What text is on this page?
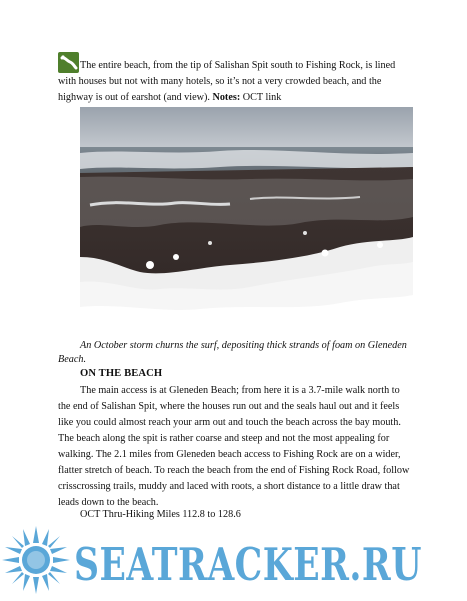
The entire beach, from the tip of Salishan Spit south to Fishing Rock, is lined with houses but not with many hotels, so it’s not a very crowded beach, and the highway is out of earshot (and view). Notes: OCT link
An October storm churns the surf, depositing thick strands of foam on Gleneden Beach.
ON THE BEACH
The main access is at Gleneden Beach; from here it is a 3.7-mile walk north to the end of Salishan Spit, where the houses run out and the seals haul out and it feels like you could almost reach your arm out and touch the beach across the bay mouth. The beach along the spit is rather coarse and steep and not the most appealing for walking. The 2.1 miles from Gleneden beach access to Fishing Rock are on a wider, flatter stretch of beach. To reach the beach from the end of Fishing Rock Road, follow crisscrossing trails, muddy and laced with roots, a short distance to a little draw that leads down to the beach.
OCT Thru-Hiking Miles 112.8 to 128.6
SEATRACKER.RU
